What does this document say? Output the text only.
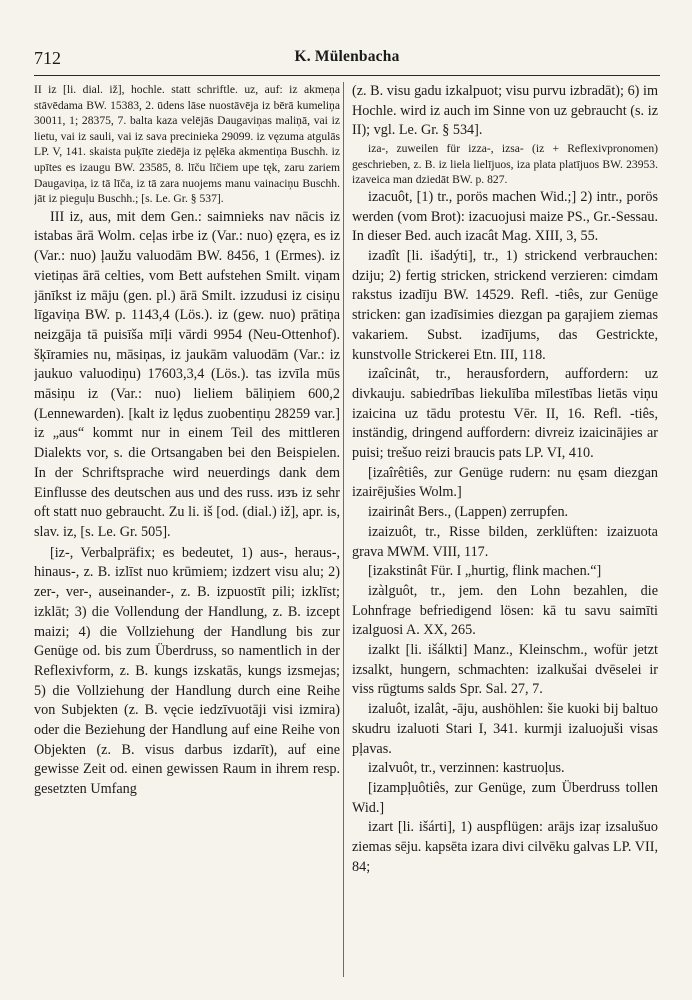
712	K. Mülenbacha

II iz [li. dial. iž], hochle. statt schriftle. uz, auf: iz akmeņa stāvēdama BW. 15383, 2. ūdens lāse nuostāvēja iz bērā kumeliņa 30011, 1; 28375, 7. balta kaza velējās Daugaviņas maliņā, vai iz lietu, vai iz sauli, vai iz sava precinieka 29099. iz vęzuma atgulās LP. V, 141. skaista puķīte ziedēja iz pęlēka akmentiņa Buschh. iz upītes es izaugu BW. 23585, 8. līču līčiem upe tęk, zaru zariem Daugaviņa, iz tā līča, iz tā zara nuojems manu vainaciņu Buschh. jāt iz pieguļu Buschh.; [s. Le. Gr. § 537].

III iz, aus, mit dem Gen.: saimnieks nav nācis iz istabas ārā Wolm. ceļas irbe iz (Var.: nuo) ęzęra, es iz (Var.: nuo) ļaužu valuodām BW. 8456, 1 (Ermes). iz vietiņas ārā celties, vom Bett aufstehen Smilt. viņam jānīkst iz māju (gen. pl.) ārā Smilt. izzudusi iz cisiņu līgaviņa BW. p. 1143,4 (Lös.). iz (gew. nuo) prātiņa neizgāja tā puisīša mīļi vārdi 9954 (Neu-Ottenhof). šķīramies nu, māsiņas, iz jaukām valuodām (Var.: iz jaukuo valuodiņu) 17603,3,4 (Lös.). tas izvīla mūs māsiņu iz (Var.: nuo) lieliem bāliņiem 600,2 (Lennewarden). [kalt iz lędus zuobentiņu 28259 var.] iz „aus“ kommt nur in einem Teil des mittleren Dialekts vor, s. die Ortsangaben bei den Beispielen. In der Schriftsprache wird neuerdings dank dem Einflusse des deutschen aus und des russ. изъ iz sehr oft statt nuo gebraucht. Zu li. iš [od. (dial.) iž], apr. is, slav. iz, [s. Le. Gr. 505].

[iz-, Verbalpräfix; es bedeutet, 1) aus-, heraus-, hinaus-, z. B. izlīst nuo krūmiem; izdzert visu alu; 2) zer-, ver-, auseinander-, z. B. izpuostīt pili; izklīst; izklāt; 3) die Vollendung der Handlung, z. B. izcept maizi; 4) die Vollziehung der Handlung bis zur Genüge od. bis zum Überdruss, so namentlich in der Reflexivform, z. B. kungs izskatās, kungs izsmejas; 5) die Vollziehung der Handlung durch eine Reihe von Subjekten (z. B. vęcie iedzīvuotāji visi izmira) oder die Beziehung der Handlung auf eine Reihe von Objekten (z. B. visus darbus izdarīt), auf eine gewisse Zeit od. einen gewissen Raum in ihrem resp. gesetzten Umfang

(z. B. visu gadu izkalpuot; visu purvu izbradāt); 6) im Hochle. wird iz auch im Sinne von uz gebraucht (s. iz II); vgl. Le. Gr. § 534].

iza-, zuweilen für izza-, izsa- (iz + Reflexivpronomen) geschrieben, z. B. iz liela lielījuos, iza plata platījuos BW. 23953. izaveica man dziedāt BW. p. 827.

izacuôt, [1) tr., porös machen Wid.;] 2) intr., porös werden (vom Brot): izacuojusi maize PS., Gr.-Sessau. In dieser Bed. auch izacât Mag. XIII, 3, 55.

izadît [li. išadýti], tr., 1) strickend verbrauchen: dziju; 2) fertig stricken, strickend verzieren: cimdam rakstus izadīju BW. 14529. Refl. -tiês, zur Genüge stricken: gan izadīsimies diezgan pa gaŗajiem ziemas vakariem. Subst. izadījums, das Gestrickte, kunstvolle Strickerei Etn. III, 118.

izaîcinât, tr., herausfordern, auffordern: uz divkauju. sabiedrības liekulība mīlestības lietās viņu izaicina uz tādu protestu Vēr. II, 16. Refl. -tiês, inständig, dringend auffordern: divreiz izaicinājies ar puisi; trešuo reizi braucis pats LP. VI, 410.

[izaîrêtiês, zur Genüge rudern: nu ęsam diezgan izairējušies Wolm.]

izairinât Bers., (Lappen) zerrupfen.

izaizuôt, tr., Risse bilden, zerklüften: izaizuota grava MWM. VIII, 117.

[izakstinât Für. I „hurtig, flink machen.“]

izàlguôt, tr., jem. den Lohn bezahlen, die Lohnfrage befriedigend lösen: kā tu savu saimīti izalguosi A. XX, 265.

izalkt [li. išálkti] Manz., Kleinschm., wofür jetzt izsalkt, hungern, schmachten: izalkušai dvēselei ir viss rūgtums salds Spr. Sal. 27, 7.

izaluôt, izalât, -āju, aushöhlen: šie kuoki bij baltuo skudru izaluoti Stari I, 341. kurmji izaluojuši visas pļavas.

izalvuôt, tr., verzinnen: kastruoļus.

[izampļuôtiês, zur Genüge, zum Überdruss tollen Wid.]

izart [li. išárti], 1) auspflügen: arājs izaŗ izsalušuo ziemas sēju. kapsēta izara divi cilvēku galvas LP. VII, 84;
